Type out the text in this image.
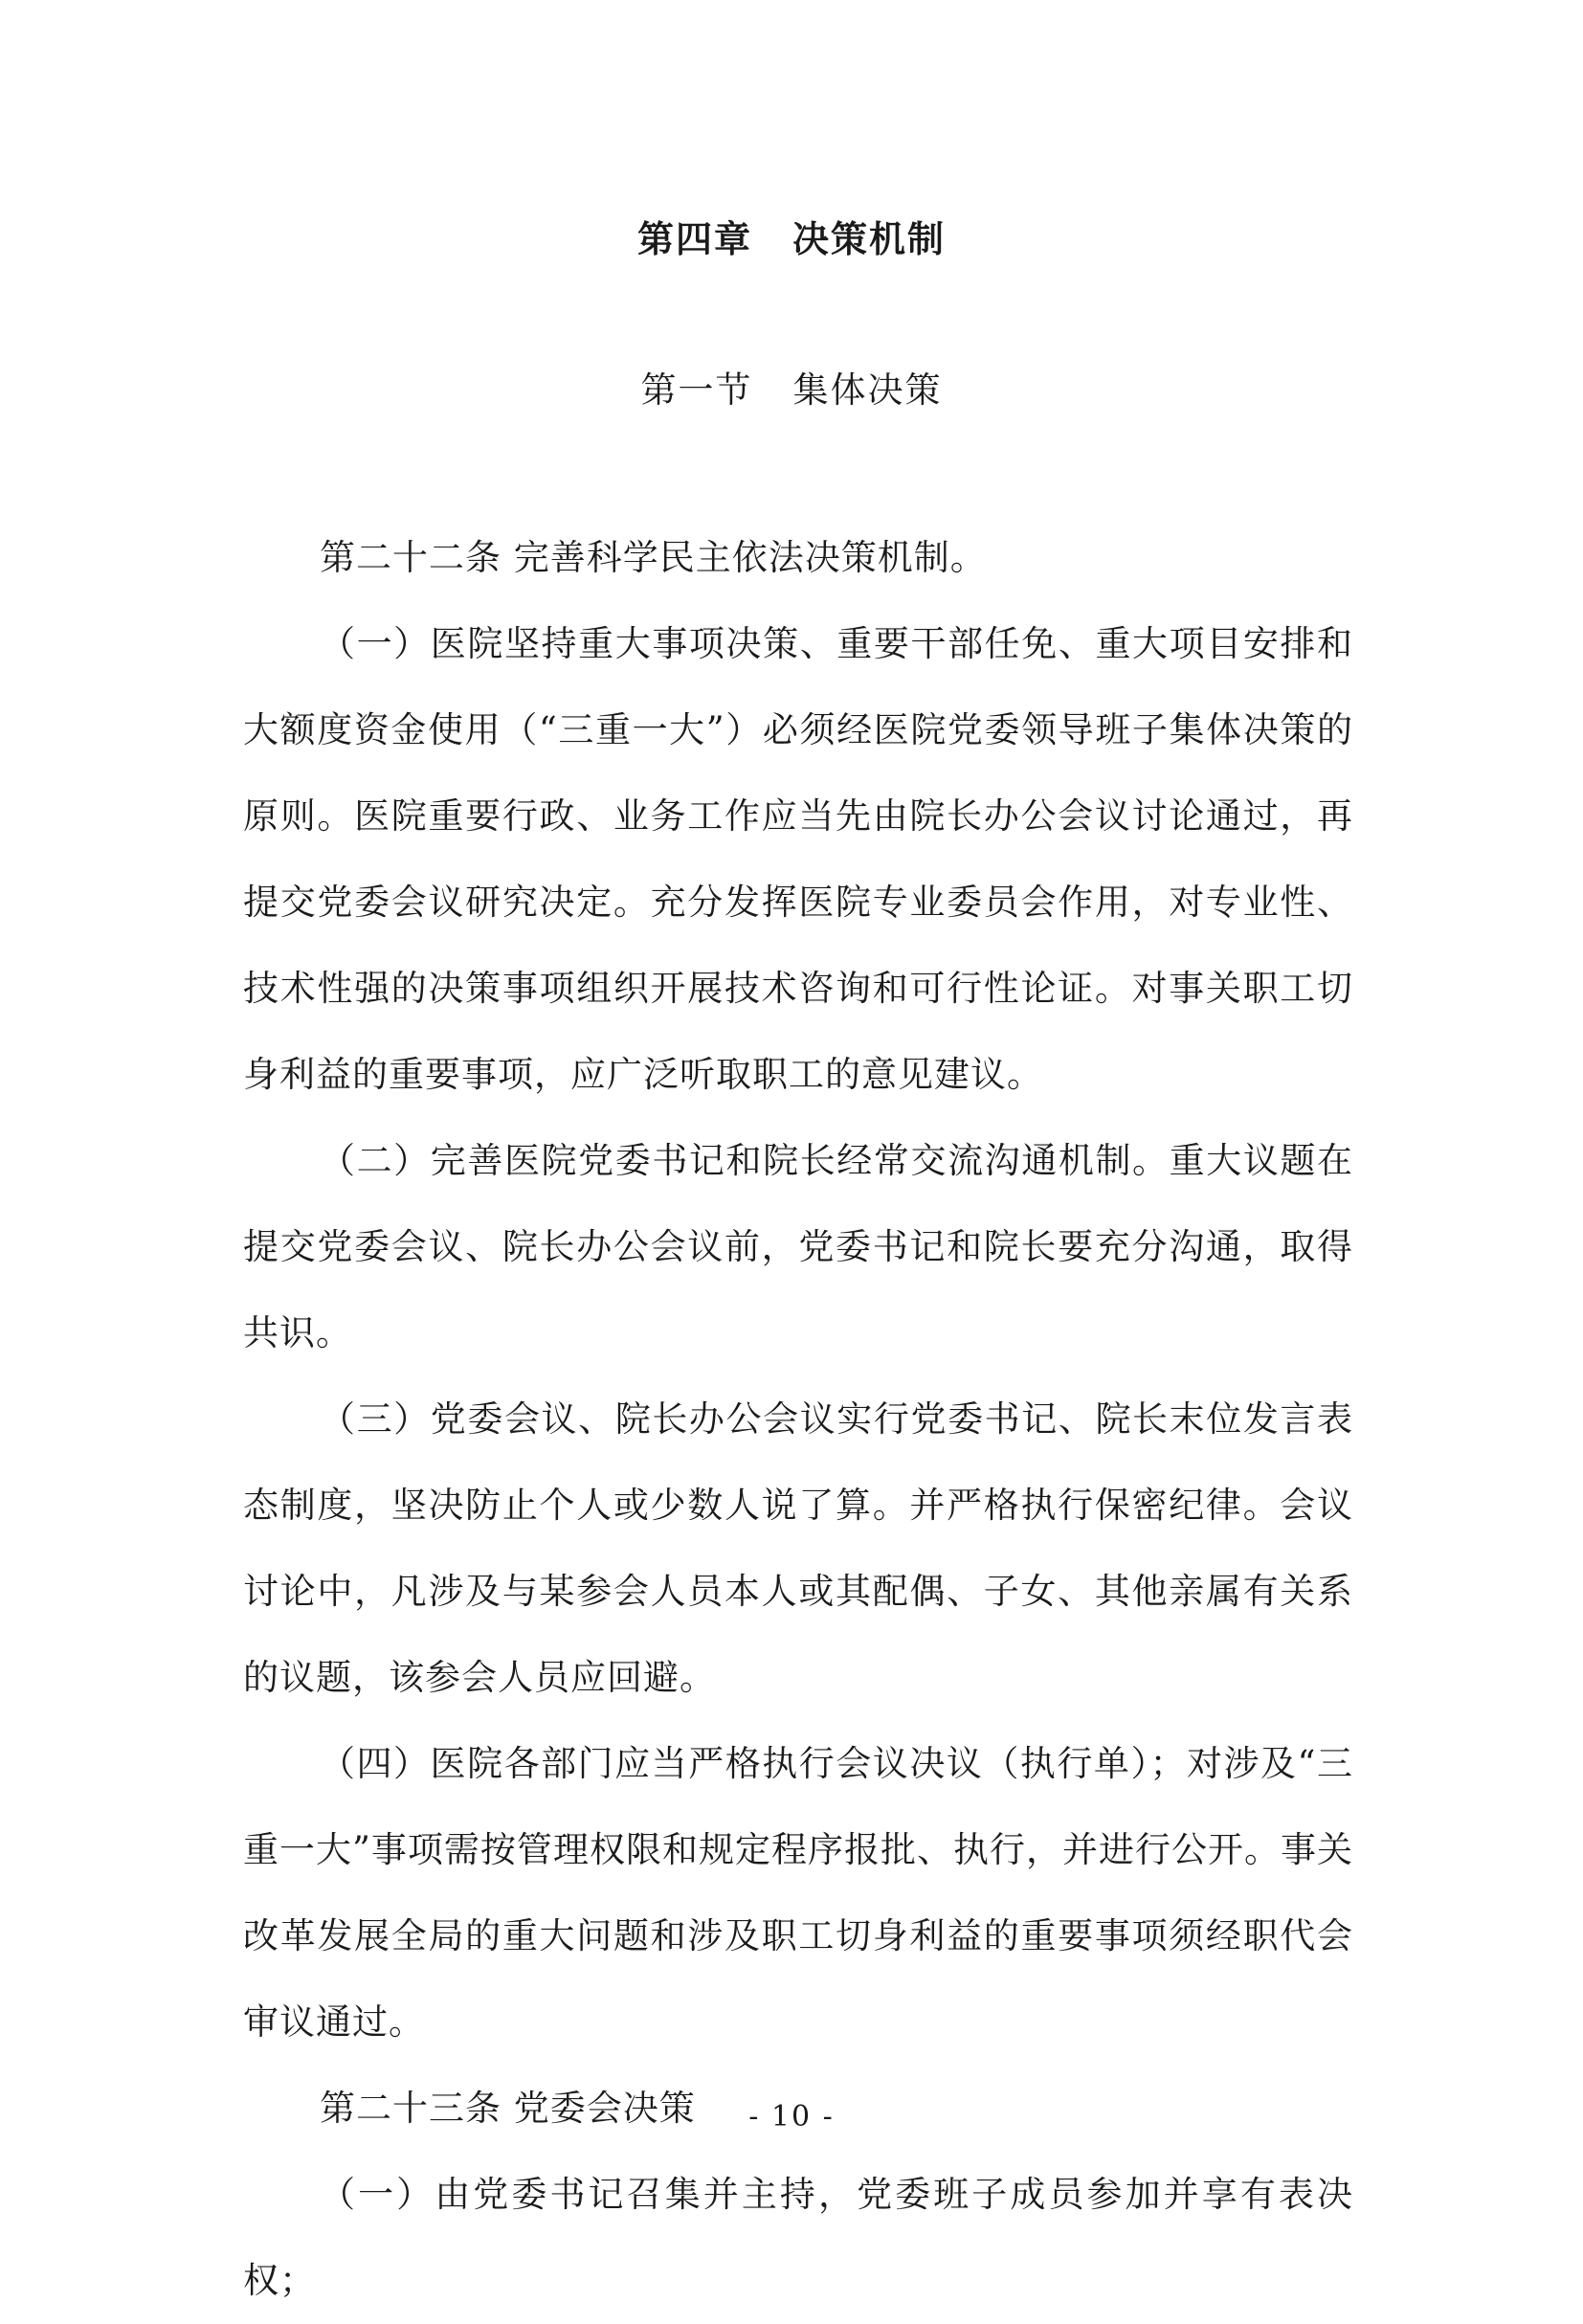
第四章 决策机制
第一节 集体决策

第二十二条 完善科学民主依法决策机制。

（一）医院坚持重大事项决策、重要干部任免、重大项目安排和大额度资金使用（“三重一大”）必须经医院党委领导班子集体决策的原则。医院重要行政、业务工作应当先由院长办公会议讨论通过，再提交党委会议研究决定。充分发挥医院专业委员会作用，对专业性、技术性强的决策事项组织开展技术咨询和可行性论证。对事关职工切身利益的重要事项，应广泛听取职工的意见建议。

（二）完善医院党委书记和院长经常交流沟通机制。重大议题在提交党委会议、院长办公会议前，党委书记和院长要充分沟通，取得共识。

（三）党委会议、院长办公会议实行党委书记、院长末位发言表态制度，坚决防止个人或少数人说了算。并严格执行保密纪律。会议讨论中，凡涉及与某参会人员本人或其配偶、子女、其他亲属有关系的议题，该参会人员应回避。

（四）医院各部门应当严格执行会议决议（执行单）；对涉及“三重一大”事项需按管理权限和规定程序报批、执行，并进行公开。事关改革发展全局的重大问题和涉及职工切身利益的重要事项须经职代会审议通过。

第二十三条 党委会决策

（一）由党委书记召集并主持，党委班子成员参加并享有表决权；

- 10 -
